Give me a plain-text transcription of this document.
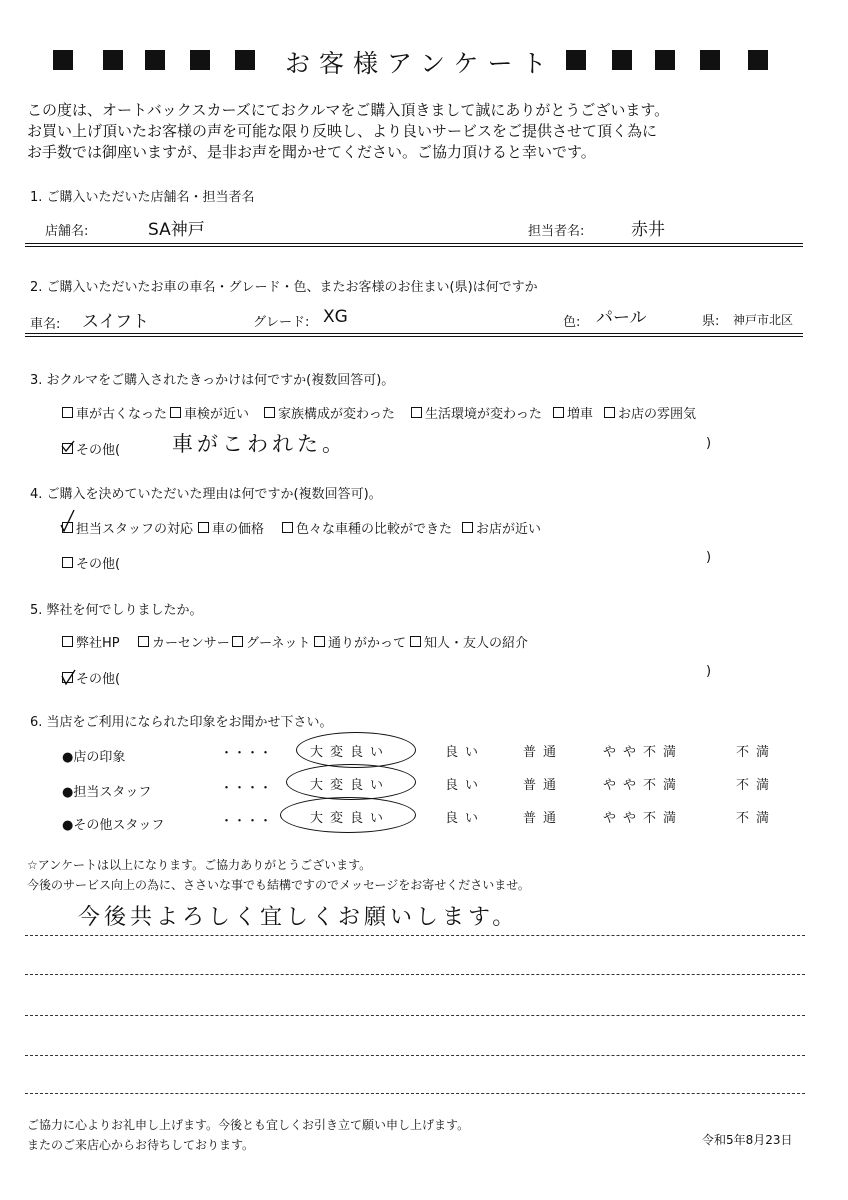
お客様アンケート
この度は、オートバックスカーズにておクルマをご購入頂きまして誠にありがとうございます。
お買い上げ頂いたお客様の声を可能な限り反映し、より良いサービスをご提供させて頂く為に
お手数では御座いますが、是非お声を聞かせてください。ご協力頂けると幸いです。
1. ご購入いただいた店舗名・担当者名
店舗名:	SA神戸	担当者名:	赤井
2. ご購入いただいたお車の車名・グレード・色、またお客様のお住まい(県)は何ですか
車名: スイフト	グレード: XG	色: パール	県: 神戸市北区
3. おクルマをご購入されたきっかけは何ですか(複数回答可)。
車が古くなった	車検が近い	家族構成が変わった	生活環境が変わった	増車	お店の雰囲気
その他( 車がこわれた。	)
4. ご購入を決めていただいた理由は何ですか(複数回答可)。
担当スタッフの対応	車の価格	色々な車種の比較ができた	お店が近い
その他(	)
5. 弊社を何でしりましたか。
弊社HP	カーセンサー	グーネット	通りがかって	知人・友人の紹介
その他(
)
6. 当店をご利用になられた印象をお聞かせ下さい。
●店の印象	・・・・	大変良い	良い	普通	やや不満	不満
●担当スタッフ	・・・・	大変良い	良い	普通	やや不満	不満
●その他スタッフ	・・・・	大変良い	良い	普通	やや不満	不満
☆アンケートは以上になります。ご協力ありがとうございます。
今後のサービス向上の為に、ささいな事でも結構ですのでメッセージをお寄せくださいませ。
今後共よろしく宜しくお願いします。
ご協力に心よりお礼申し上げます。今後とも宜しくお引き立て願い申し上げます。
またのご来店心からお待ちしております。	令和5年8月23日
